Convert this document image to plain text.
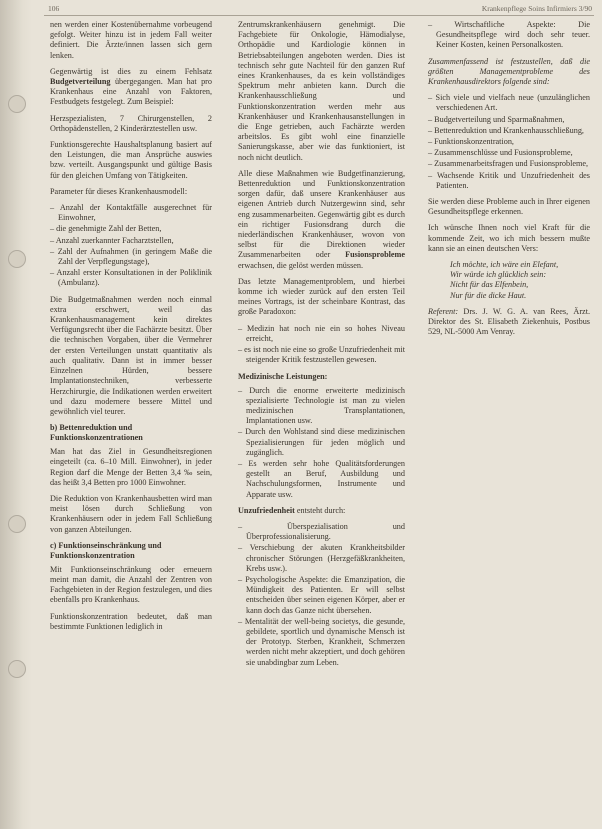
106	Krankenpflege Soins Infirmiers 3/90

nen werden einer Kostenübernahme vorbeugend gefolgt. Weiter hinzu ist in jedem Fall weiter definiert. Die Ärzte/innen lassen sich gern lenken.

Gegenwärtig ist dies zu einem Fehlsatz Budgetverteilung übergegangen. Man hat pro Krankenhaus eine Anzahl von Faktoren, Festbudgets festgelegt. Zum Beispiel:

Herzspezialisten, 7 Chirurgenstellen, 2 Orthopädenstellen, 2 Kinderärztestellen usw.

Funktionsgerechte Haushaltsplanung basiert auf den Leistungen, die man Ansprüche auswies bzw. verteilt. Ausgangspunkt und gültige Basis für den gleichen Umfang von Tätigkeiten.

Parameter für dieses Krankenhausmodell:

– Anzahl der Kontaktfälle ausgerechnet für Einwohner,
– die genehmigte Zahl der Betten,
– Anzahl zuerkannter Facharztstellen,
– Zahl der Aufnahmen (in geringem Maße die Zahl der Verpflegungstage),
– Anzahl erster Konsultationen in der Poliklinik (Ambulanz).

Die Budgetmaßnahmen werden noch einmal extra erschwert, weil das Krankenhausmanagement kein direktes Verfügungsrecht über die Fachärzte besitzt. Über die technischen Vorgaben, über die Vermehrer der ersten Verteilungen unstatt quantitativ als auch qualitativ. Dann ist in immer besser Einzelnen Hürden, bessere Implantationstechniken, verbesserte Herzchirurgie, die Indikationen werden erweitert und dazu modernere bessere Mittel und gewöhnlich viel teurer.

b) Bettenreduktion und Funktionskonzentrationen

Man hat das Ziel in Gesundheitsregionen eingeteilt (ca. 6–10 Mill. Einwohner), in jeder Region darf die Menge der Betten 3,4 ‰ sein, das heißt 3,4 Betten pro 1000 Einwohner.

Die Reduktion von Krankenhausbetten wird man meist lösen durch Schließung von Krankenhäusern oder in jedem Fall Schließung von ganzen Abteilungen.

c) Funktionseinschränkung und Funktionskonzentration

Mit Funktionseinschränkung oder erneuern meint man damit, die Anzahl der Zentren von Fachgebieten in der Region festzulegen, und dies ebenfalls pro Krankenhaus.

Funktionskonzentration bedeutet, daß man bestimmte Funktionen lediglich in

Zentrumskrankenhäusern genehmigt. Die Fachgebiete für Onkologie, Hämodialyse, Orthopädie und Kardiologie können in Betriebsabteilungen angeboten werden. Dies ist technisch sehr gute Nachteil für den ganzen Ruf eines Krankenhauses, da es kein vollständiges Spektrum mehr anbieten kann. Durch die Krankenhausschließung und Funktionskonzentration werden mehr aus Krankenhäuser und Krankenhausanstellungen in die Enge getrieben, auch Fachärzte werden arbeitslos. Es gibt wohl eine finanzielle Sanierungskasse, aber wie das funktioniert, ist noch nicht deutlich.

Alle diese Maßnahmen wie Budgetfinanzierung, Bettenreduktion und Funktionskonzentration sorgen dafür, daß unsere Krankenhäuser aus eigenen Antrieb durch Nutzergewinn sind, sehr eng zusammenarbeiten. Gegenwärtig gibt es durch ein richtiger Fusionsdrang durch die niederländischen Krankenhäuser, wovon von selbst für die Direktionen wieder Zusammenarbeiten oder Fusionsprobleme erwachsen, die gelöst werden müssen.

Das letzte Managementproblem, und hierbei komme ich wieder zurück auf den ersten Teil meines Vortrags, ist der scheinbare Kontrast, das große Paradoxon:

– Medizin hat noch nie ein so hohes Niveau erreicht,
– es ist noch nie eine so große Unzufriedenheit mit steigender Kritik festzustellen gewesen.
Medizinische Leistungen:
– Durch die enorme erweiterte medizinisch spezialisierte Technologie ist man zu vielen medizinischen Transplantationen, Implantationen usw.
– Durch den Wohlstand sind diese medizinischen Spezialisierungen für jeden möglich und zugänglich.
– Es werden sehr hohe Qualitätsforderungen gestellt an Beruf, Ausbildung und Nachschulungsformen, Instrumente und Apparate usw.

Unzufriedenheit entsteht durch:

– Überspezialisation und Überprofessionalisierung.
– Verschiebung der akuten Krankheitsbilder chronischer Störungen (Herzgefäßkrankheiten, Krebs usw.).
– Psychologische Aspekte: die Emanzipation, die Mündigkeit des Patienten. Er will selbst entscheiden über seinen eigenen Körper, aber er kann doch das Ganze nicht übersehen.
– Mentalität der well-being societys, die gesunde, gebildete, sportlich und dynamische Mensch ist der Prototyp. Sterben, Krankheit, Schmerzen werden nicht mehr akzeptiert, und doch gehören sie unabdingbar zum Leben.
– Wirtschaftliche Aspekte: Die Gesundheitspflege wird doch sehr teuer. Keiner Kosten, keinen Personalkosten.

Zusammenfassend ist festzustellen, daß die größten Managementprobleme des Krankenhausdirektors folgende sind:

– Sich viele und vielfach neue (unzulänglichen verschiedenen Art.
– Budgetverteilung und Sparmaßnahmen,
– Bettenreduktion und Krankenhausschließung,
– Funktionskonzentration,
– Zusammenschlüsse und Fusionsprobleme,
– Zusammenarbeitsfragen und Fusionsprobleme,
– Wachsende Kritik und Unzufriedenheit des Patienten.

Sie werden diese Probleme auch in Ihrer eigenen Gesundheitspflege erkennen.

Ich wünsche Ihnen noch viel Kraft für die kommende Zeit, wo ich mich bessern mußte kann sie an einen deutschen Vers:

Ich möchte, ich wäre ein Elefant,
Wir würde ich glücklich sein:
Nicht für das Elfenbein,
Nur für die dicke Haut.

Referent: Drs. J. W. G. A. van Rees, Ärzt. Direktor des St. Elisabeth Ziekenhuis, Postbus 529, NL-5000 Am Venray.
